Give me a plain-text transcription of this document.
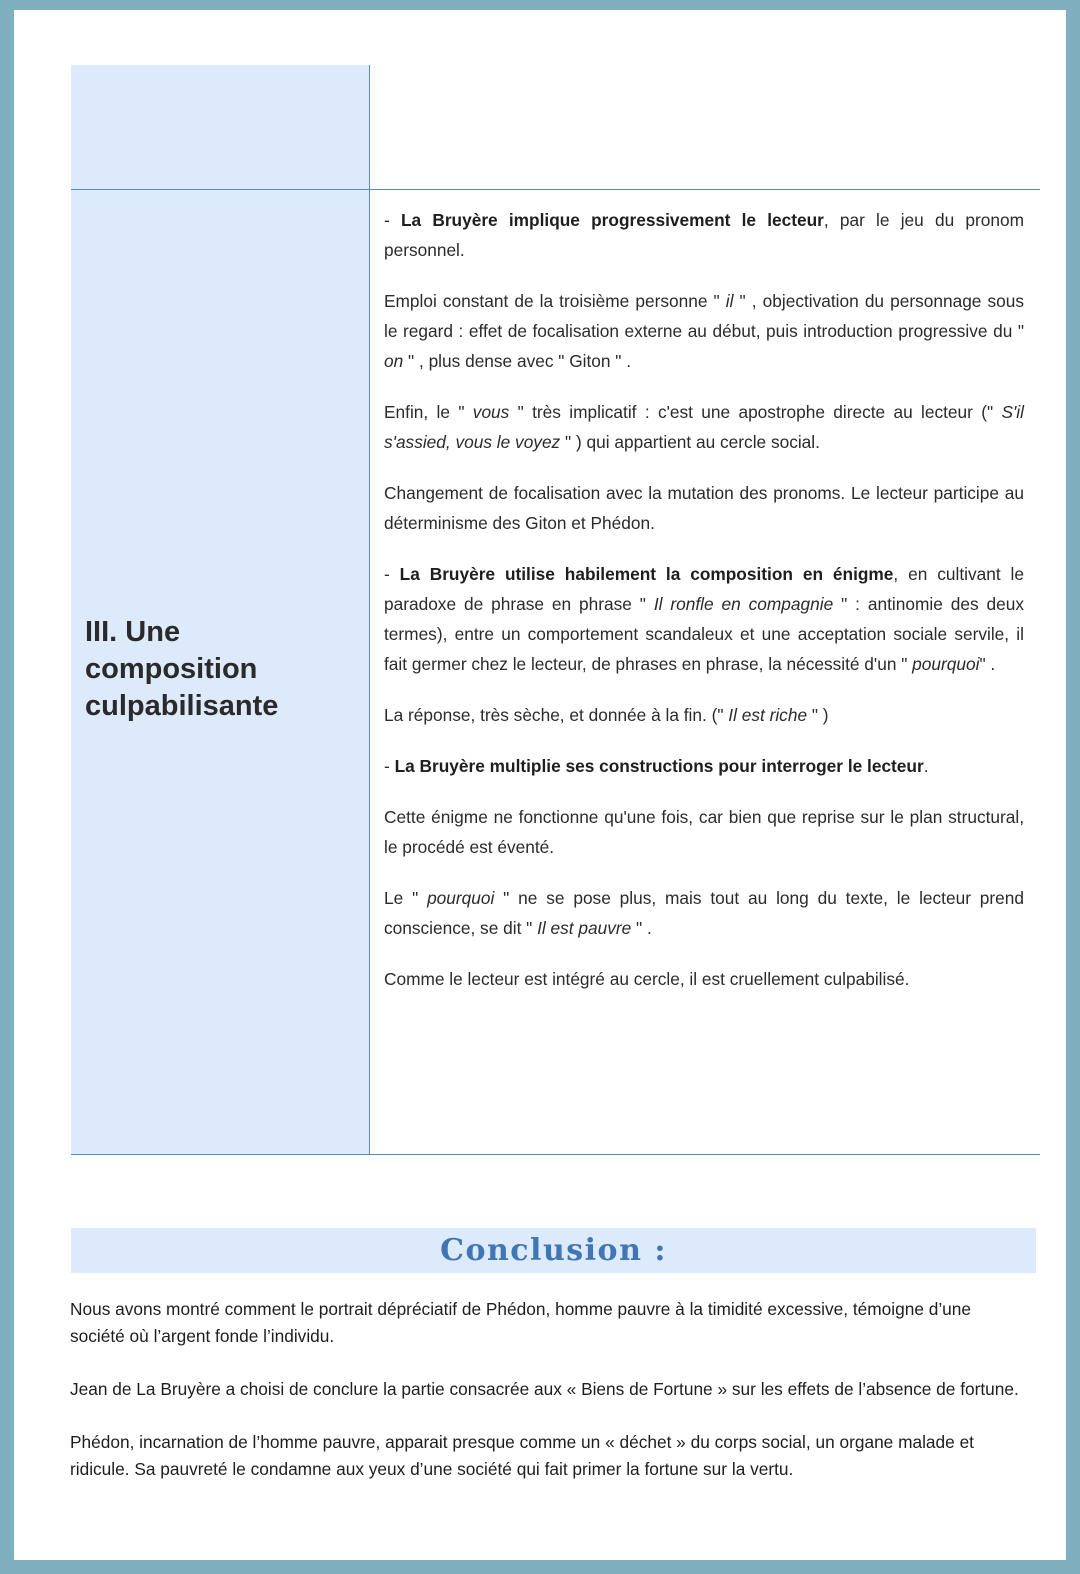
III. Une composition culpabilisante

- La Bruyère implique progressivement le lecteur, par le jeu du pronom personnel.

Emploi constant de la troisième personne " il " , objectivation du personnage sous le regard : effet de focalisation externe au début, puis introduction progressive du " on " , plus dense avec " Giton " .

Enfin, le " vous " très implicatif : c'est une apostrophe directe au lecteur (" S'il s'assied, vous le voyez " ) qui appartient au cercle social.

Changement de focalisation avec la mutation des pronoms. Le lecteur participe au déterminisme des Giton et Phédon.

- La Bruyère utilise habilement la composition en énigme, en cultivant le paradoxe de phrase en phrase " Il ronfle en compagnie " : antinomie des deux termes), entre un comportement scandaleux et une acceptation sociale servile, il fait germer chez le lecteur, de phrases en phrase, la nécessité d'un " pourquoi" .

La réponse, très sèche, et donnée à la fin. (" Il est riche " )

- La Bruyère multiplie ses constructions pour interroger le lecteur.

Cette énigme ne fonctionne qu'une fois, car bien que reprise sur le plan structural, le procédé est éventé.

Le " pourquoi " ne se pose plus, mais tout au long du texte, le lecteur prend conscience, se dit " Il est pauvre " .

Comme le lecteur est intégré au cercle, il est cruellement culpabilisé.

Conclusion :

Nous avons montré comment le portrait dépréciatif de Phédon, homme pauvre à la timidité excessive, témoigne d’une société où l’argent fonde l’individu.

Jean de La Bruyère a choisi de conclure la partie consacrée aux « Biens de Fortune » sur les effets de l’absence de fortune.

Phédon, incarnation de l’homme pauvre, apparait presque comme un « déchet » du corps social, un organe malade et ridicule. Sa pauvreté le condamne aux yeux d’une société qui fait primer la fortune sur la vertu.
